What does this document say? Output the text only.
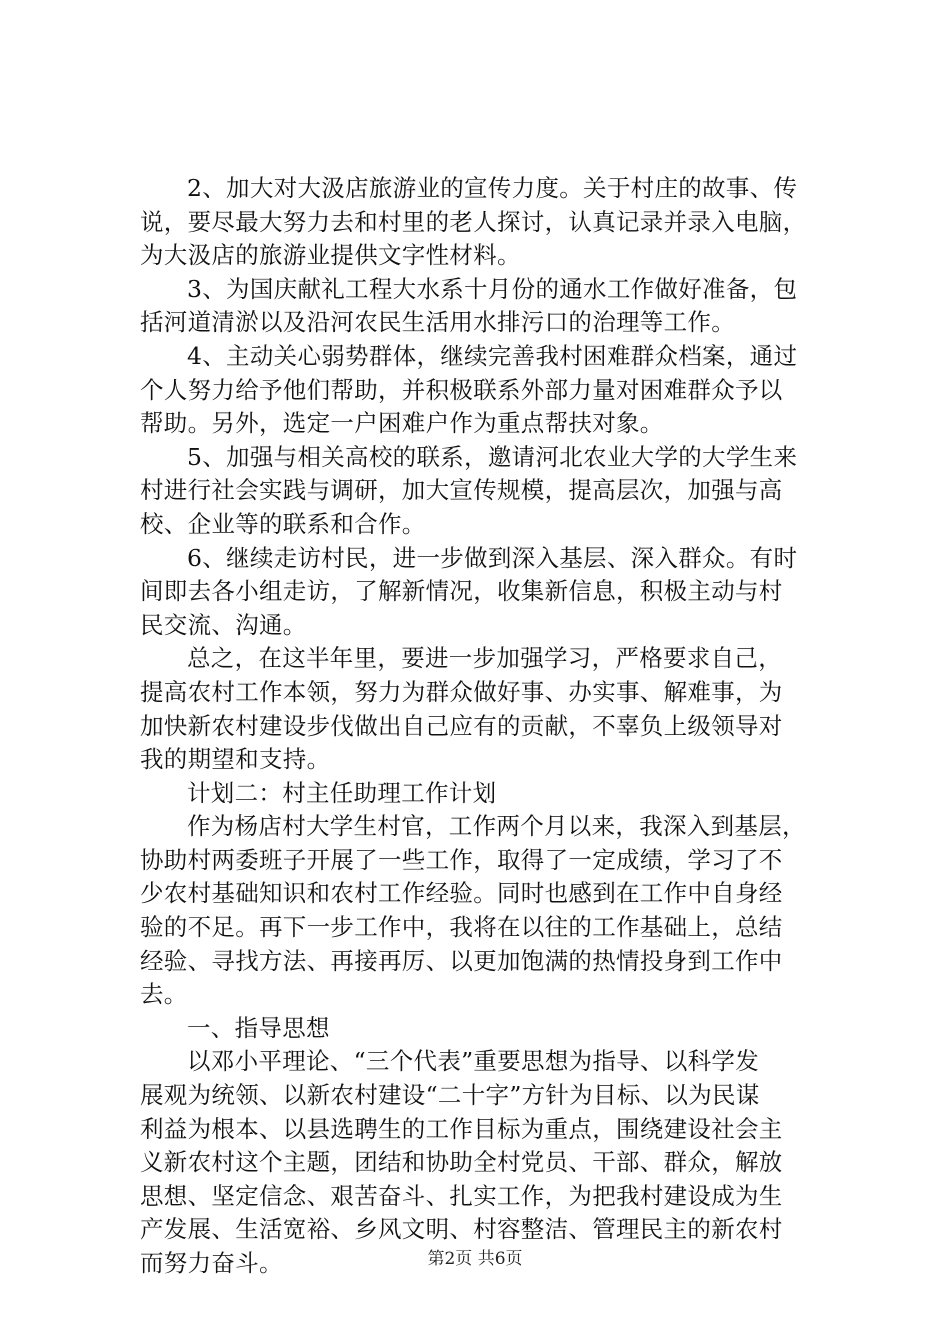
2、加大对大汲店旅游业的宣传力度。关于村庄的故事、传
说，要尽最大努力去和村里的老人探讨，认真记录并录入电脑，
为大汲店的旅游业提供文字性材料。
3、为国庆献礼工程大水系十月份的通水工作做好准备，包
括河道清淤以及沿河农民生活用水排污口的治理等工作。
4、主动关心弱势群体，继续完善我村困难群众档案，通过
个人努力给予他们帮助，并积极联系外部力量对困难群众予以
帮助。另外，选定一户困难户作为重点帮扶对象。
5、加强与相关高校的联系，邀请河北农业大学的大学生来
村进行社会实践与调研，加大宣传规模，提高层次，加强与高
校、企业等的联系和合作。
6、继续走访村民，进一步做到深入基层、深入群众。有时
间即去各小组走访，了解新情况，收集新信息，积极主动与村
民交流、沟通。
总之，在这半年里，要进一步加强学习，严格要求自己，
提高农村工作本领，努力为群众做好事、办实事、解难事，为
加快新农村建设步伐做出自己应有的贡献，不辜负上级领导对
我的期望和支持。
计划二：村主任助理工作计划
作为杨店村大学生村官，工作两个月以来，我深入到基层，
协助村两委班子开展了一些工作，取得了一定成绩，学习了不
少农村基础知识和农村工作经验。同时也感到在工作中自身经
验的不足。再下一步工作中，我将在以往的工作基础上，总结
经验、寻找方法、再接再厉、以更加饱满的热情投身到工作中
去。
一、指导思想
以邓小平理论、“三个代表”重要思想为指导、以科学发
展观为统领、以新农村建设“二十字”方针为目标、以为民谋
利益为根本、以县选聘生的工作目标为重点，围绕建设社会主
义新农村这个主题，团结和协助全村党员、干部、群众，解放
思想、坚定信念、艰苦奋斗、扎实工作，为把我村建设成为生
产发展、生活宽裕、乡风文明、村容整洁、管理民主的新农村
而努力奋斗。	第2页 共6页
